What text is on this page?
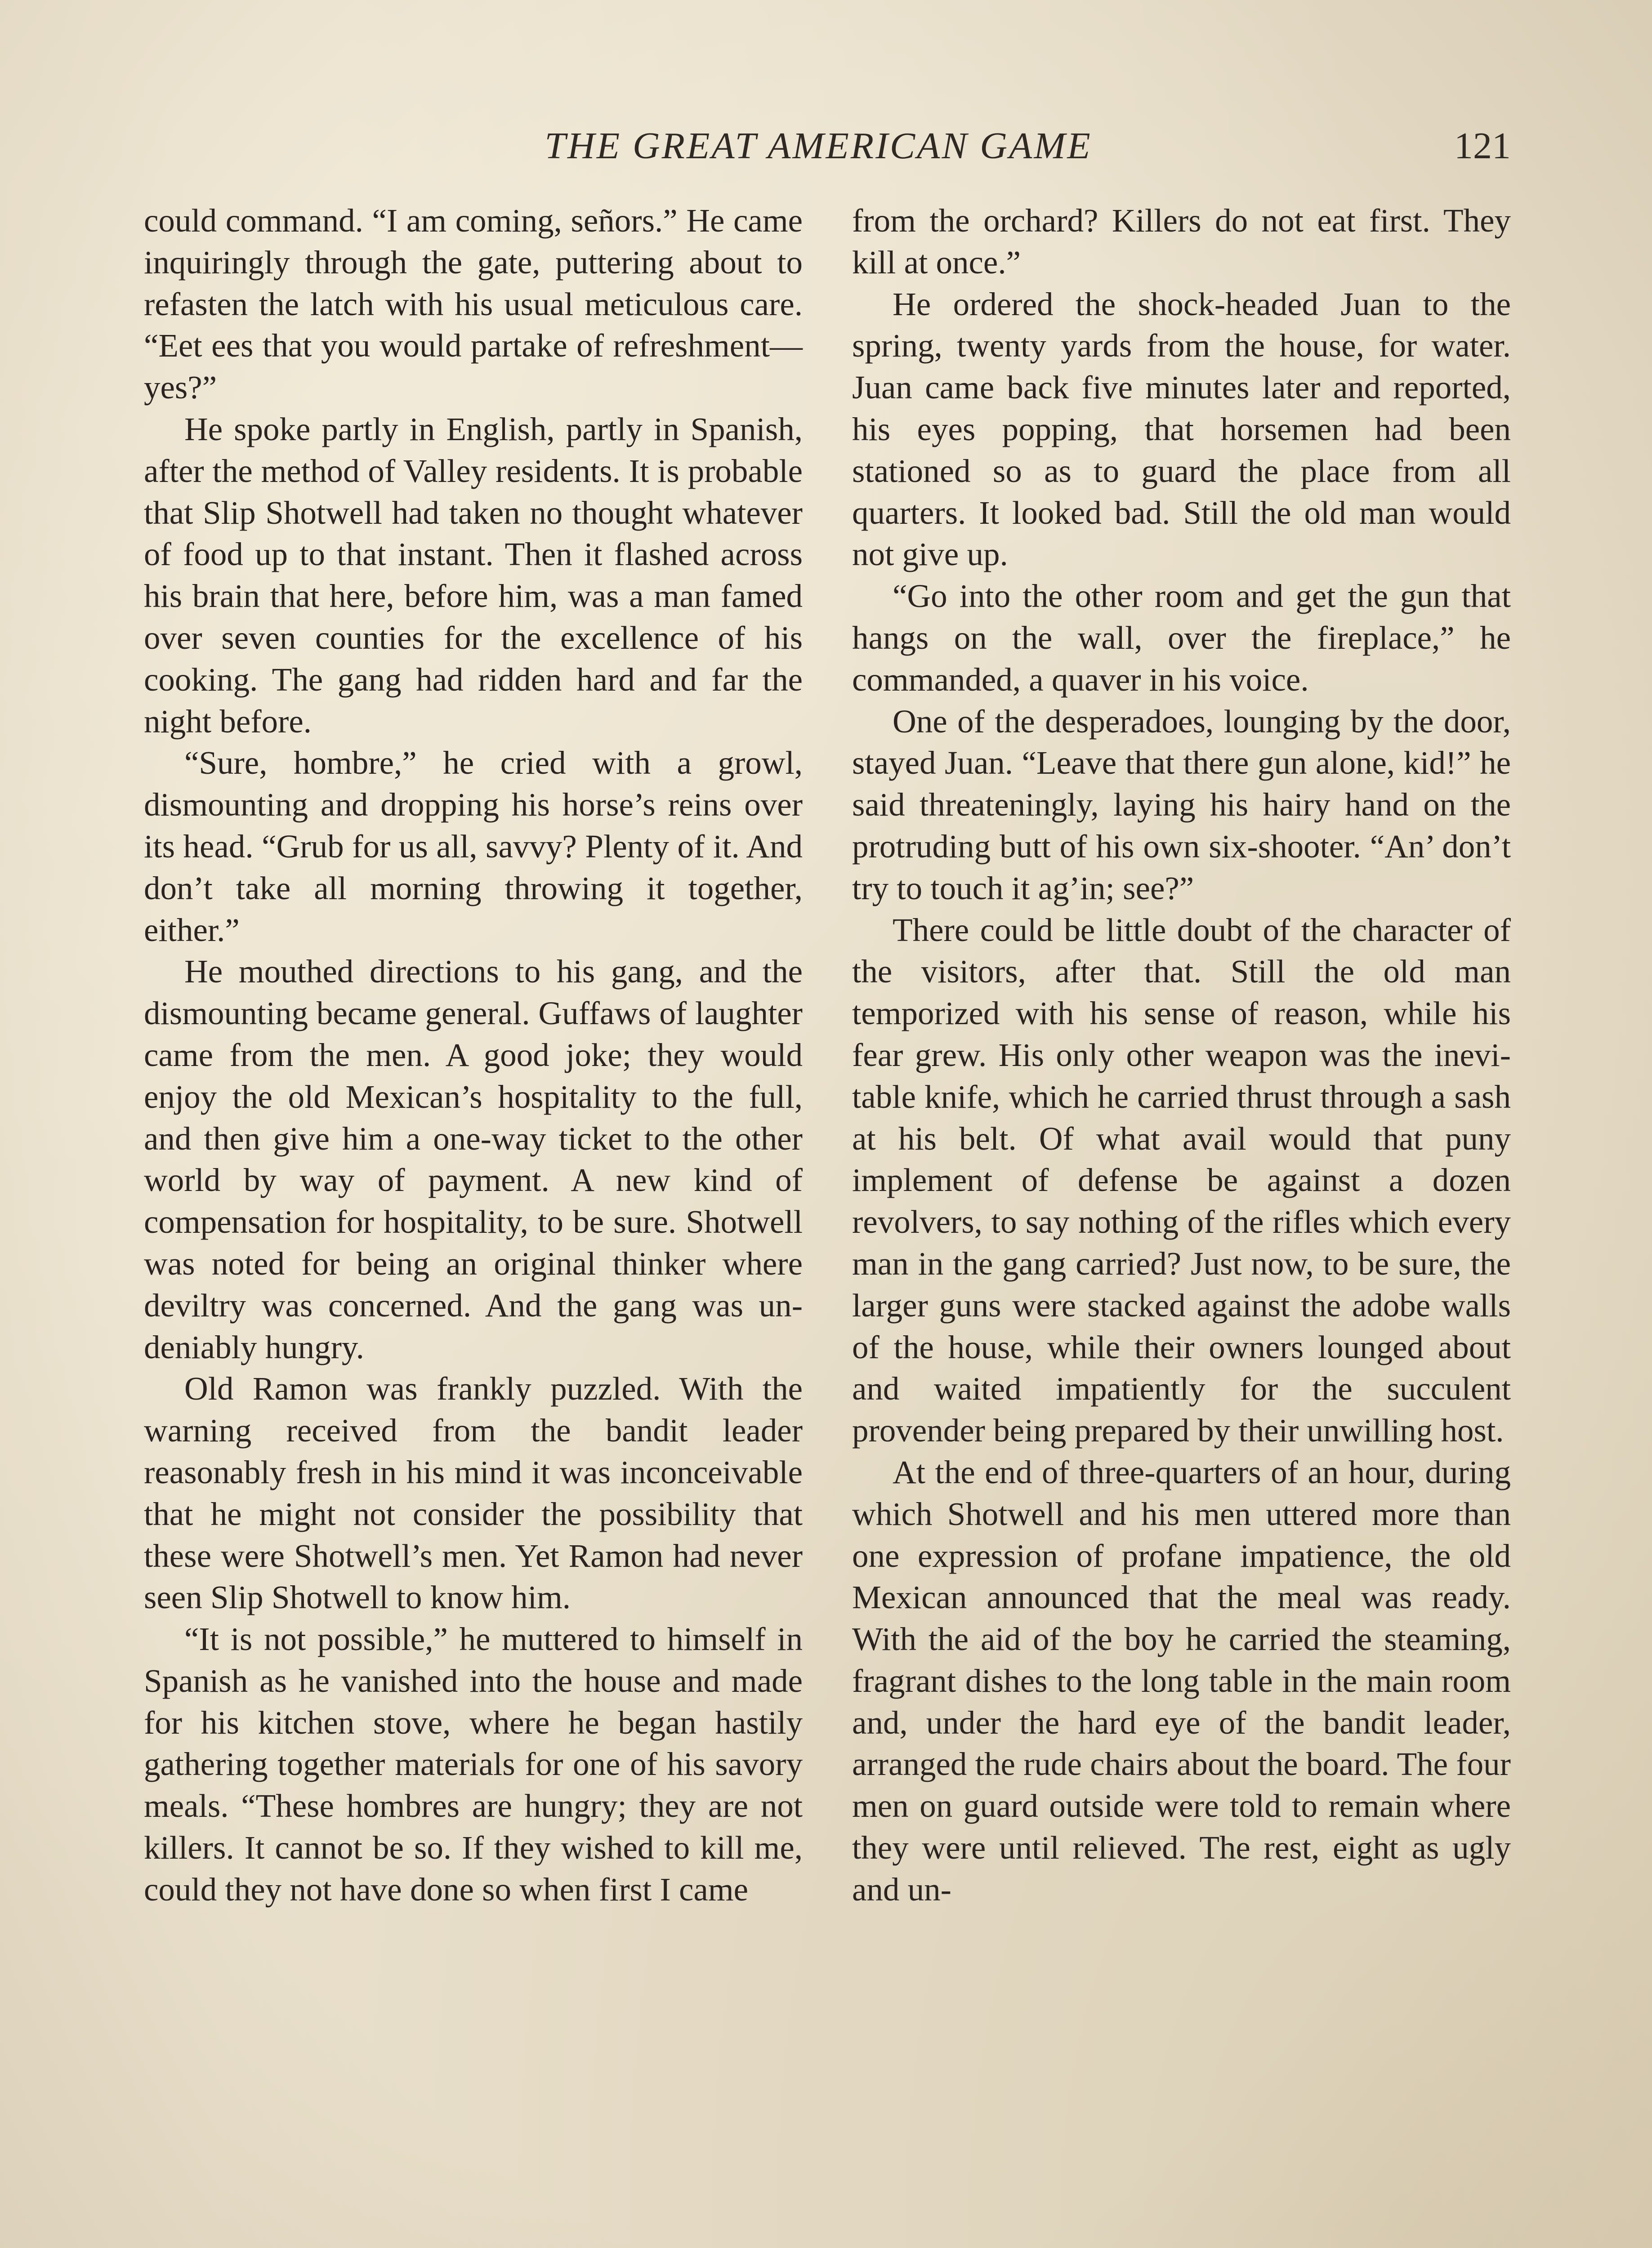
THE GREAT AMERICAN GAME	121

could command. “I am coming, señors.” He came inquiringly through the gate, puttering about to refasten the latch with his usual meticulous care. “Eet ees that you would partake of refreshment—yes?”

He spoke partly in English, partly in Spanish, after the method of Valley residents. It is probable that Slip Shotwell had taken no thought whatever of food up to that instant. Then it flashed across his brain that here, before him, was a man famed over seven counties for the excellence of his cooking. The gang had ridden hard and far the night before.

“Sure, hombre,” he cried with a growl, dismounting and dropping his horse’s reins over its head. “Grub for us all, savvy? Plenty of it. And don’t take all morning throwing it together, either.”

He mouthed directions to his gang, and the dismounting became general. Guffaws of laughter came from the men. A good joke; they would enjoy the old Mexican’s hospitality to the full, and then give him a one-way ticket to the other world by way of payment. A new kind of compensation for hospitality, to be sure. Shotwell was noted for being an original thinker where deviltry was concerned. And the gang was undeniably hungry.

Old Ramon was frankly puzzled. With the warning received from the bandit leader reasonably fresh in his mind it was inconceivable that he might not consider the possibility that these were Shotwell’s men. Yet Ramon had never seen Slip Shotwell to know him.

“It is not possible,” he muttered to himself in Spanish as he vanished into the house and made for his kitchen stove, where he began hastily gathering together materials for one of his savory meals. “These hombres are hungry; they are not killers. It cannot be so. If they wished to kill me, could they not have done so when first I came

from the orchard? Killers do not eat first. They kill at once.”

He ordered the shock-headed Juan to the spring, twenty yards from the house, for water. Juan came back five minutes later and reported, his eyes popping, that horsemen had been stationed so as to guard the place from all quarters. It looked bad. Still the old man would not give up.

“Go into the other room and get the gun that hangs on the wall, over the fireplace,” he commanded, a quaver in his voice.

One of the desperadoes, lounging by the door, stayed Juan. “Leave that there gun alone, kid!” he said threateningly, laying his hairy hand on the protruding butt of his own six-shooter. “An’ don’t try to touch it ag’in; see?”

There could be little doubt of the character of the visitors, after that. Still the old man temporized with his sense of reason, while his fear grew. His only other weapon was the inevitable knife, which he carried thrust through a sash at his belt. Of what avail would that puny implement of defense be against a dozen revolvers, to say nothing of the rifles which every man in the gang carried? Just now, to be sure, the larger guns were stacked against the adobe walls of the house, while their owners lounged about and waited impatiently for the succulent provender being prepared by their unwilling host.

At the end of three-quarters of an hour, during which Shotwell and his men uttered more than one expression of profane impatience, the old Mexican announced that the meal was ready. With the aid of the boy he carried the steaming, fragrant dishes to the long table in the main room and, under the hard eye of the bandit leader, arranged the rude chairs about the board. The four men on guard outside were told to remain where they were until relieved. The rest, eight as ugly and un-
